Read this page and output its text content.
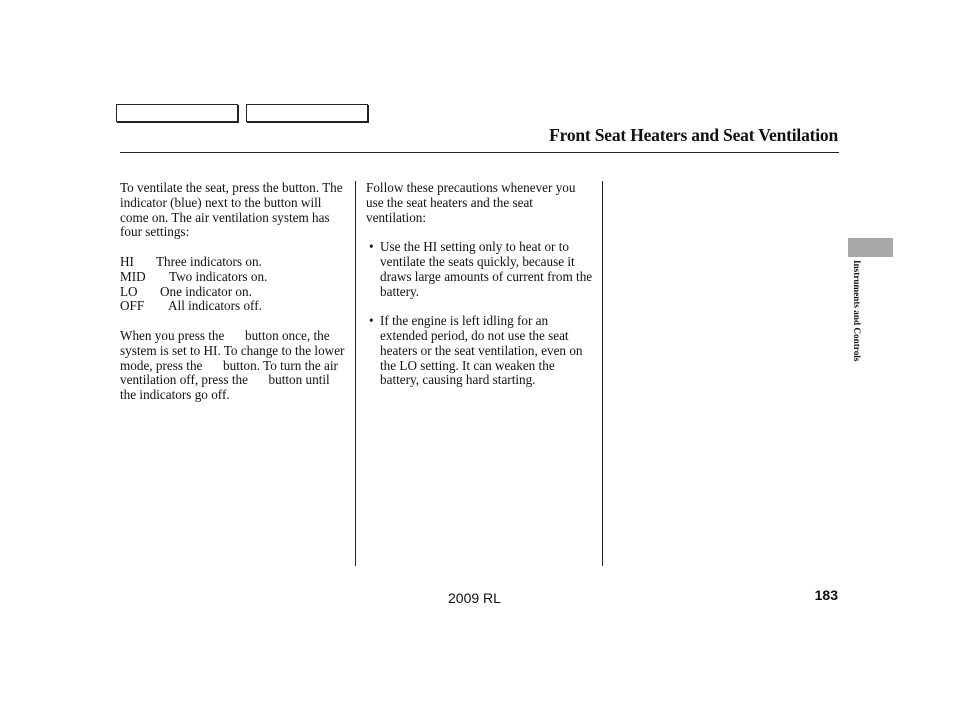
Front Seat Heaters and Seat Ventilation

To ventilate the seat, press the button. The indicator (blue) next to the button will come on. The air ventilation system has four settings:

HI	Three indicators on.
MID	Two indicators on.
LO	One indicator on.
OFF	All indicators off.

When you press the button once, the system is set to HI. To change to the lower mode, press the button. To turn the air ventilation off, press the button until the indicators go off.

Follow these precautions whenever you use the seat heaters and the seat ventilation:

• Use the HI setting only to heat or to ventilate the seats quickly, because it draws large amounts of current from the battery.
• If the engine is left idling for an extended period, do not use the seat heaters or the seat ventilation, even on the LO setting. It can weaken the battery, causing hard starting.
Instruments and Controls
2009 RL	183
